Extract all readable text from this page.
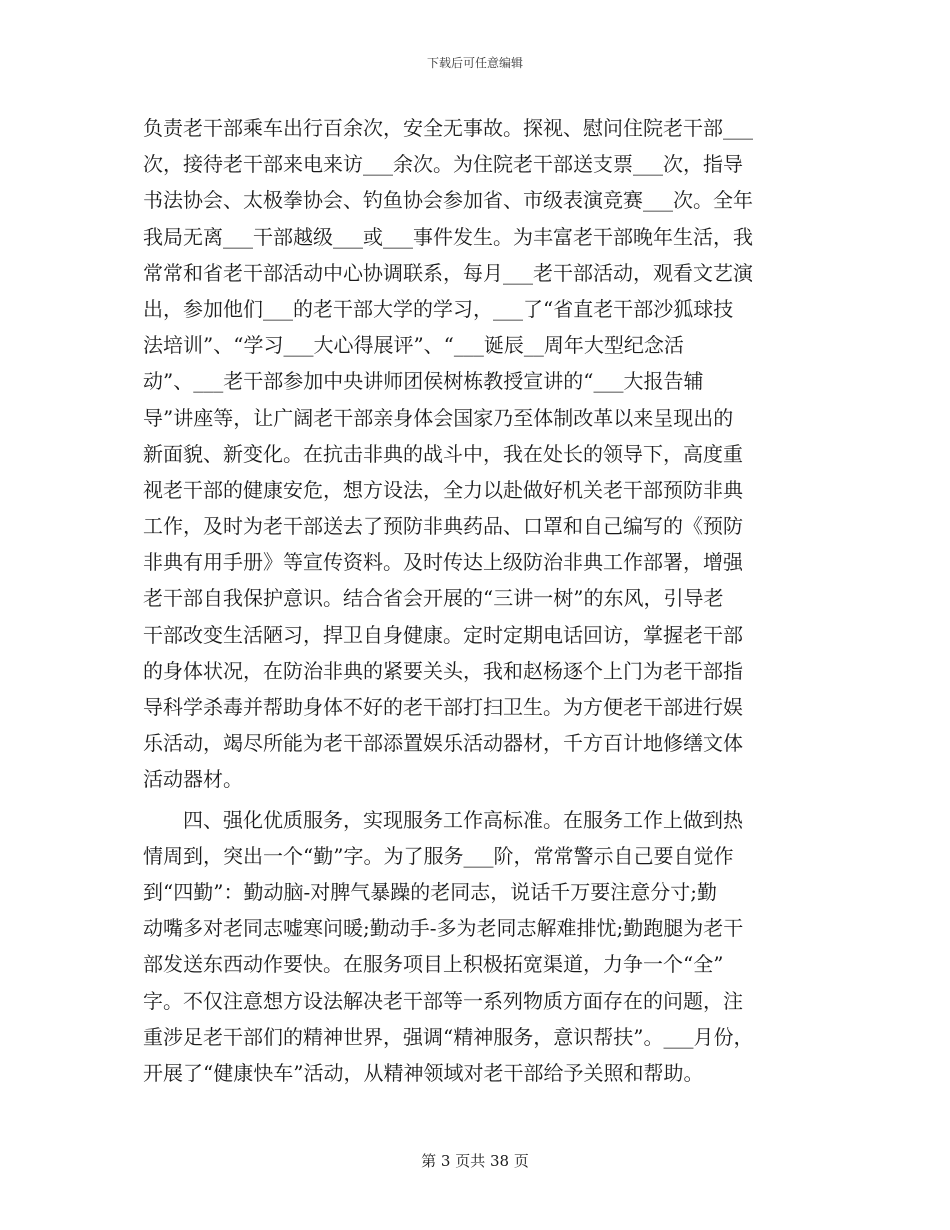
下载后可任意编辑
负责老干部乘车出行百余次，安全无事故。探视、慰问住院老干部___
次，接待老干部来电来访___余次。为住院老干部送支票___次，指导
书法协会、太极拳协会、钓鱼协会参加省、市级表演竞赛___次。全年
我局无离___干部越级___或___事件发生。为丰富老干部晚年生活，我
常常和省老干部活动中心协调联系，每月___老干部活动，观看文艺演
出，参加他们___的老干部大学的学习，___了“省直老干部沙狐球技
法培训”、“学习___大心得展评”、“___诞辰__周年大型纪念活
动”、___老干部参加中央讲师团侯树栋教授宣讲的“___大报告辅
导”讲座等，让广阔老干部亲身体会国家乃至体制改革以来呈现出的
新面貌、新变化。在抗击非典的战斗中，我在处长的领导下，高度重
视老干部的健康安危，想方设法，全力以赴做好机关老干部预防非典
工作，及时为老干部送去了预防非典药品、口罩和自己编写的《预防
非典有用手册》等宣传资料。及时传达上级防治非典工作部署，增强
老干部自我保护意识。结合省会开展的“三讲一树”的东风，引导老
干部改变生活陋习，捍卫自身健康。定时定期电话回访，掌握老干部
的身体状况，在防治非典的紧要关头，我和赵杨逐个上门为老干部指
导科学杀毒并帮助身体不好的老干部打扫卫生。为方便老干部进行娱
乐活动，竭尽所能为老干部添置娱乐活动器材，千方百计地修缮文体
活动器材。
　　四、强化优质服务，实现服务工作高标准。在服务工作上做到热
情周到，突出一个“勤”字。为了服务___阶，常常警示自己要自觉作
到“四勤”：勤动脑-对脾气暴躁的老同志，说话千万要注意分寸;勤
动嘴多对老同志嘘寒问暖;勤动手-多为老同志解难排忧;勤跑腿为老干
部发送东西动作要快。在服务项目上积极拓宽渠道，力争一个“全”
字。不仅注意想方设法解决老干部等一系列物质方面存在的问题，注
重涉足老干部们的精神世界，强调“精神服务，意识帮扶”。___月份，
开展了“健康快车”活动，从精神领域对老干部给予关照和帮助。
第 3 页共 38 页
